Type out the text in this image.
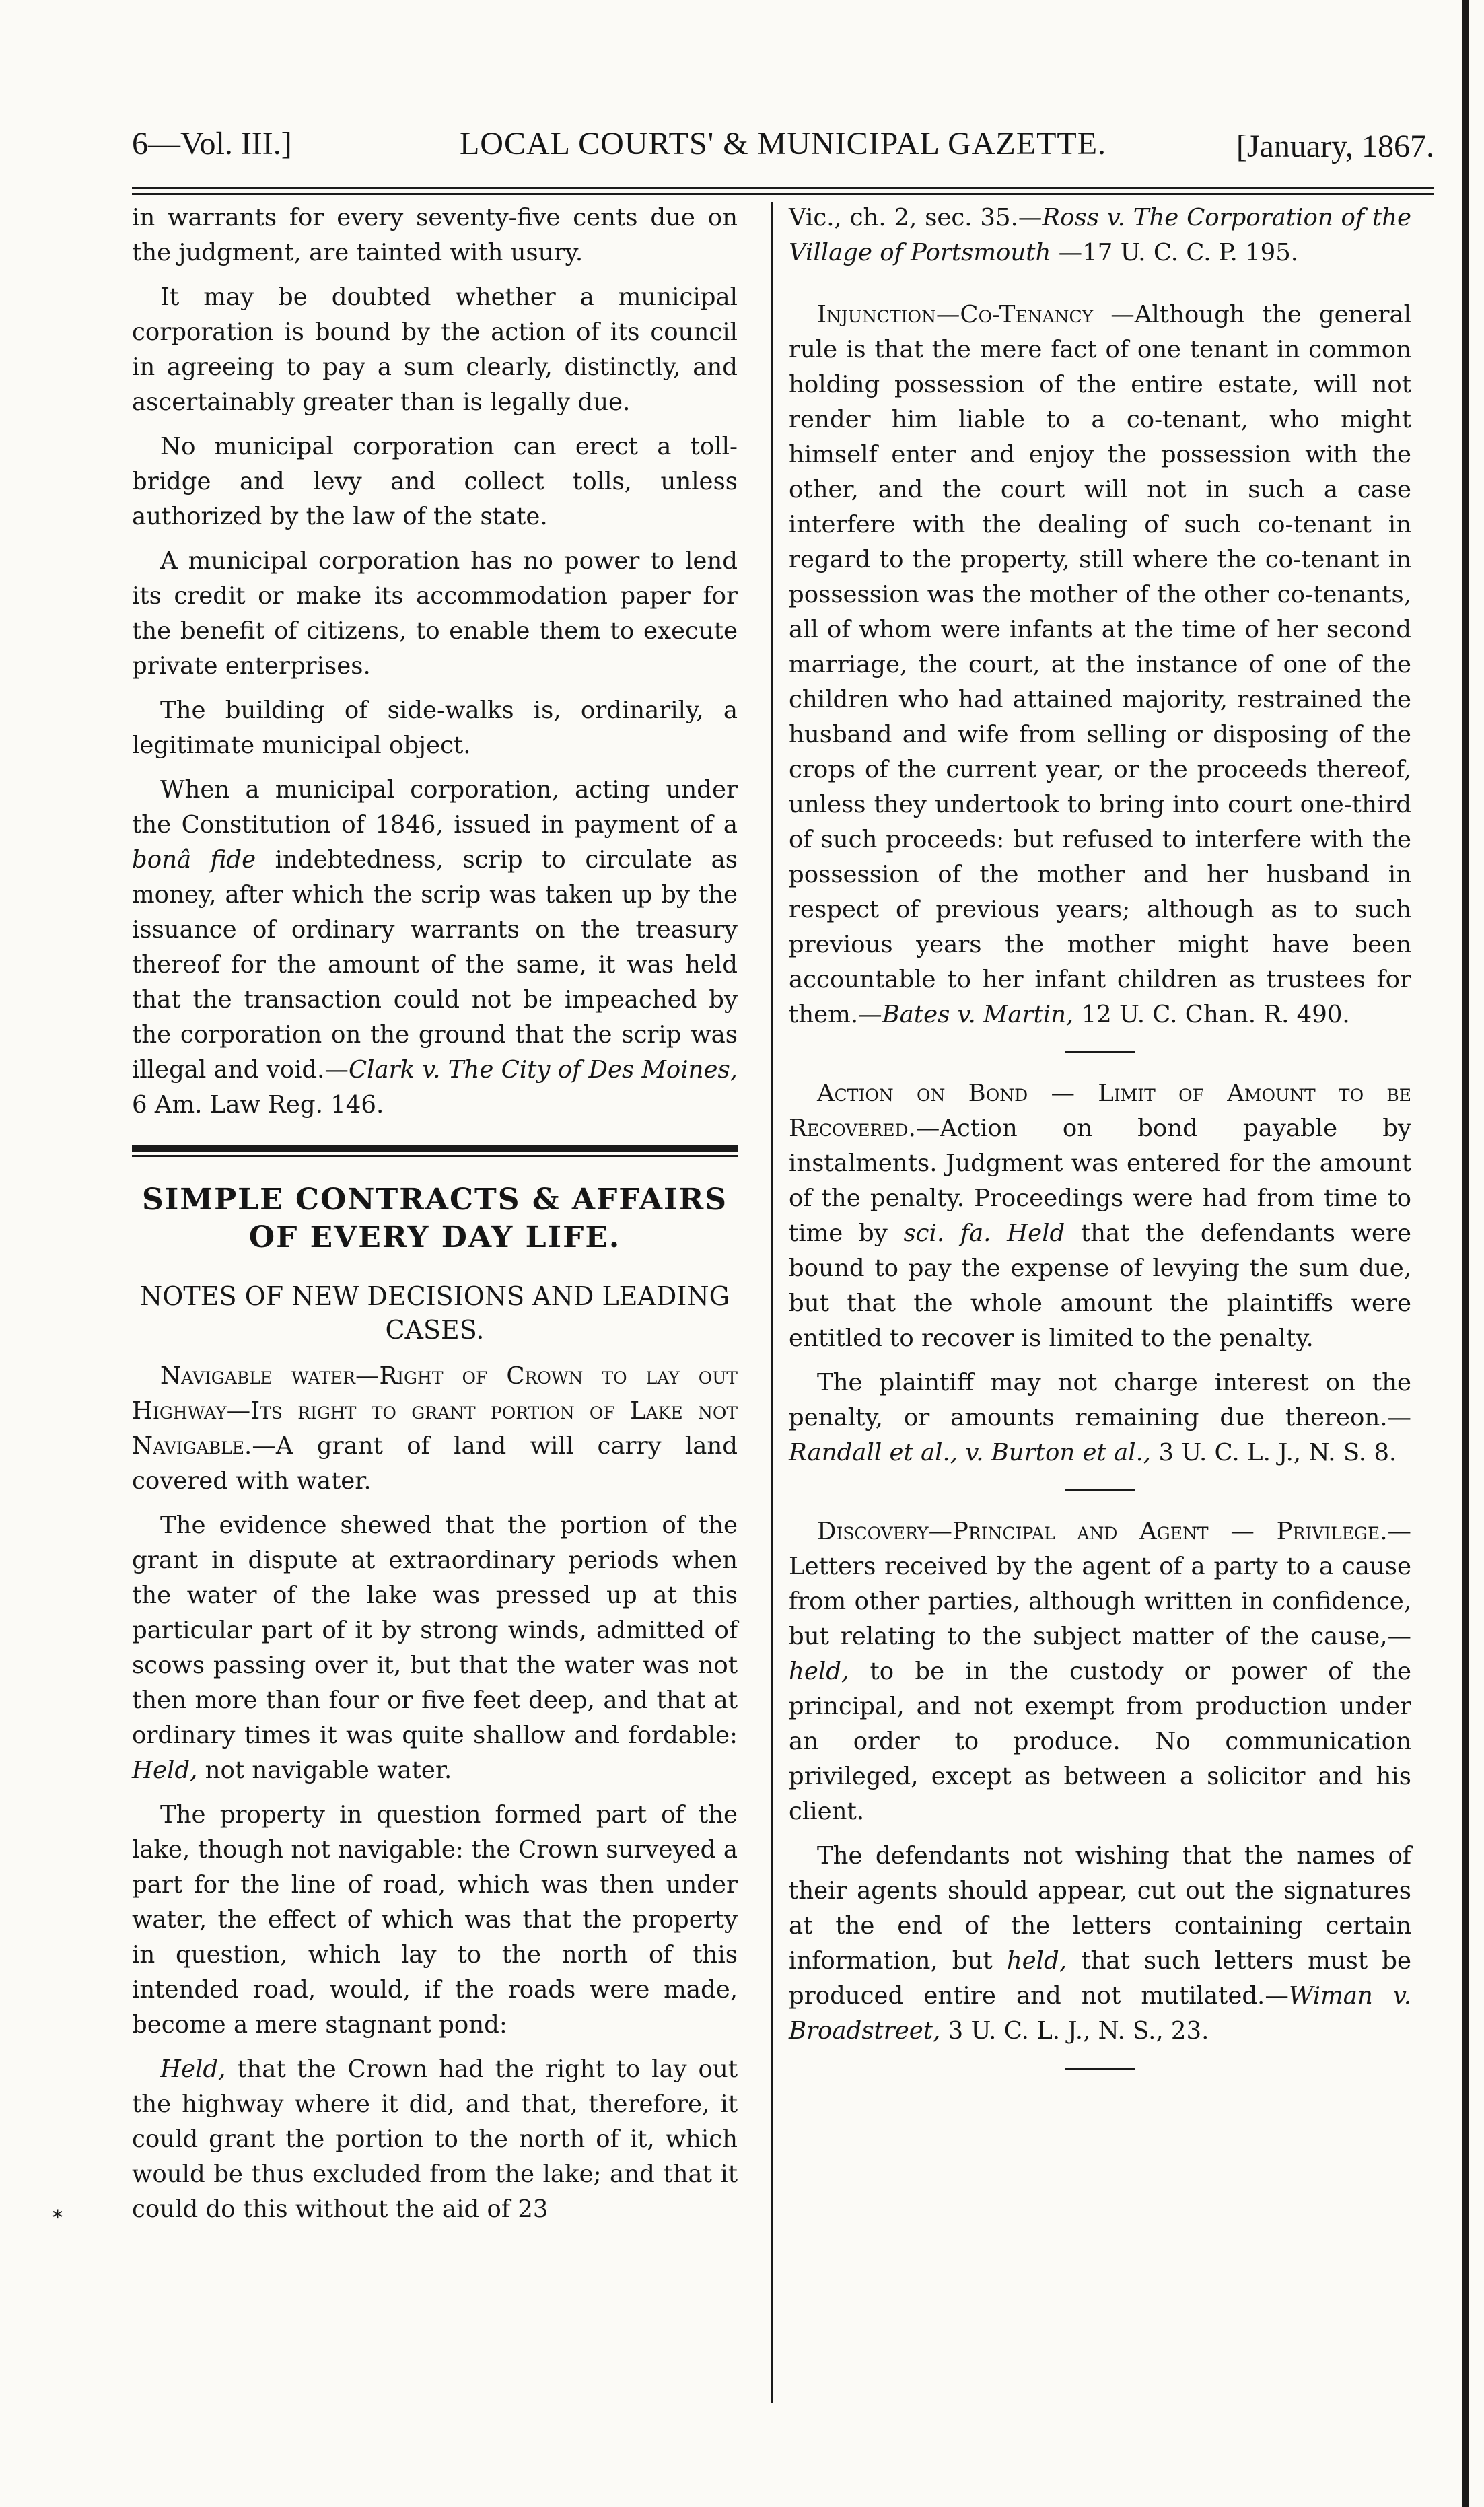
6—Vol. III.]	LOCAL COURTS' & MUNICIPAL GAZETTE.	[January, 1867.

in warrants for every seventy-five cents due on the judgment, are tainted with usury.

It may be doubted whether a municipal corporation is bound by the action of its council in agreeing to pay a sum clearly, distinctly, and ascertainably greater than is legally due.

No municipal corporation can erect a toll-bridge and levy and collect tolls, unless authorized by the law of the state.

A municipal corporation has no power to lend its credit or make its accommodation paper for the benefit of citizens, to enable them to execute private enterprises.

The building of side-walks is, ordinarily, a legitimate municipal object.

When a municipal corporation, acting under the Constitution of 1846, issued in payment of a bonâ fide indebtedness, scrip to circulate as money, after which the scrip was taken up by the issuance of ordinary warrants on the treasury thereof for the amount of the same, it was held that the transaction could not be impeached by the corporation on the ground that the scrip was illegal and void.—Clark v. The City of Des Moines, 6 Am. Law Reg. 146.

SIMPLE CONTRACTS & AFFAIRS OF EVERY DAY LIFE.
NOTES OF NEW DECISIONS AND LEADING CASES.

Navigable water—Right of Crown to lay out Highway—Its right to grant portion of Lake not Navigable.—A grant of land will carry land covered with water.

The evidence shewed that the portion of the grant in dispute at extraordinary periods when the water of the lake was pressed up at this particular part of it by strong winds, admitted of scows passing over it, but that the water was not then more than four or five feet deep, and that at ordinary times it was quite shallow and fordable: Held, not navigable water.

The property in question formed part of the lake, though not navigable: the Crown surveyed a part for the line of road, which was then under water, the effect of which was that the property in question, which lay to the north of this intended road, would, if the roads were made, become a mere stagnant pond:

Held, that the Crown had the right to lay out the highway where it did, and that, therefore, it could grant the portion to the north of it, which would be thus excluded from the lake; and that it could do this without the aid of 23

*

Vic., ch. 2, sec. 35.—Ross v. The Corporation of the Village of Portsmouth —17 U. C. C. P. 195.

Injunction—Co-Tenancy —Although the general rule is that the mere fact of one tenant in common holding possession of the entire estate, will not render him liable to a co-tenant, who might himself enter and enjoy the possession with the other, and the court will not in such a case interfere with the dealing of such co-tenant in regard to the property, still where the co-tenant in possession was the mother of the other co-tenants, all of whom were infants at the time of her second marriage, the court, at the instance of one of the children who had attained majority, restrained the husband and wife from selling or disposing of the crops of the current year, or the proceeds thereof, unless they undertook to bring into court one-third of such proceeds: but refused to interfere with the possession of the mother and her husband in respect of previous years; although as to such previous years the mother might have been accountable to her infant children as trustees for them.—Bates v. Martin, 12 U. C. Chan. R. 490.

Action on Bond — Limit of Amount to be Recovered.—Action on bond payable by instalments. Judgment was entered for the amount of the penalty. Proceedings were had from time to time by sci. fa. Held that the defendants were bound to pay the expense of levying the sum due, but that the whole amount the plaintiffs were entitled to recover is limited to the penalty.

The plaintiff may not charge interest on the penalty, or amounts remaining due thereon.—Randall et al., v. Burton et al., 3 U. C. L. J., N. S. 8.

Discovery—Principal and Agent — Privilege.—Letters received by the agent of a party to a cause from other parties, although written in confidence, but relating to the subject matter of the cause,—held, to be in the custody or power of the principal, and not exempt from production under an order to produce. No communication privileged, except as between a solicitor and his client.

The defendants not wishing that the names of their agents should appear, cut out the signatures at the end of the letters containing certain information, but held, that such letters must be produced entire and not mutilated.—Wiman v. Broadstreet, 3 U. C. L. J., N. S., 23.
